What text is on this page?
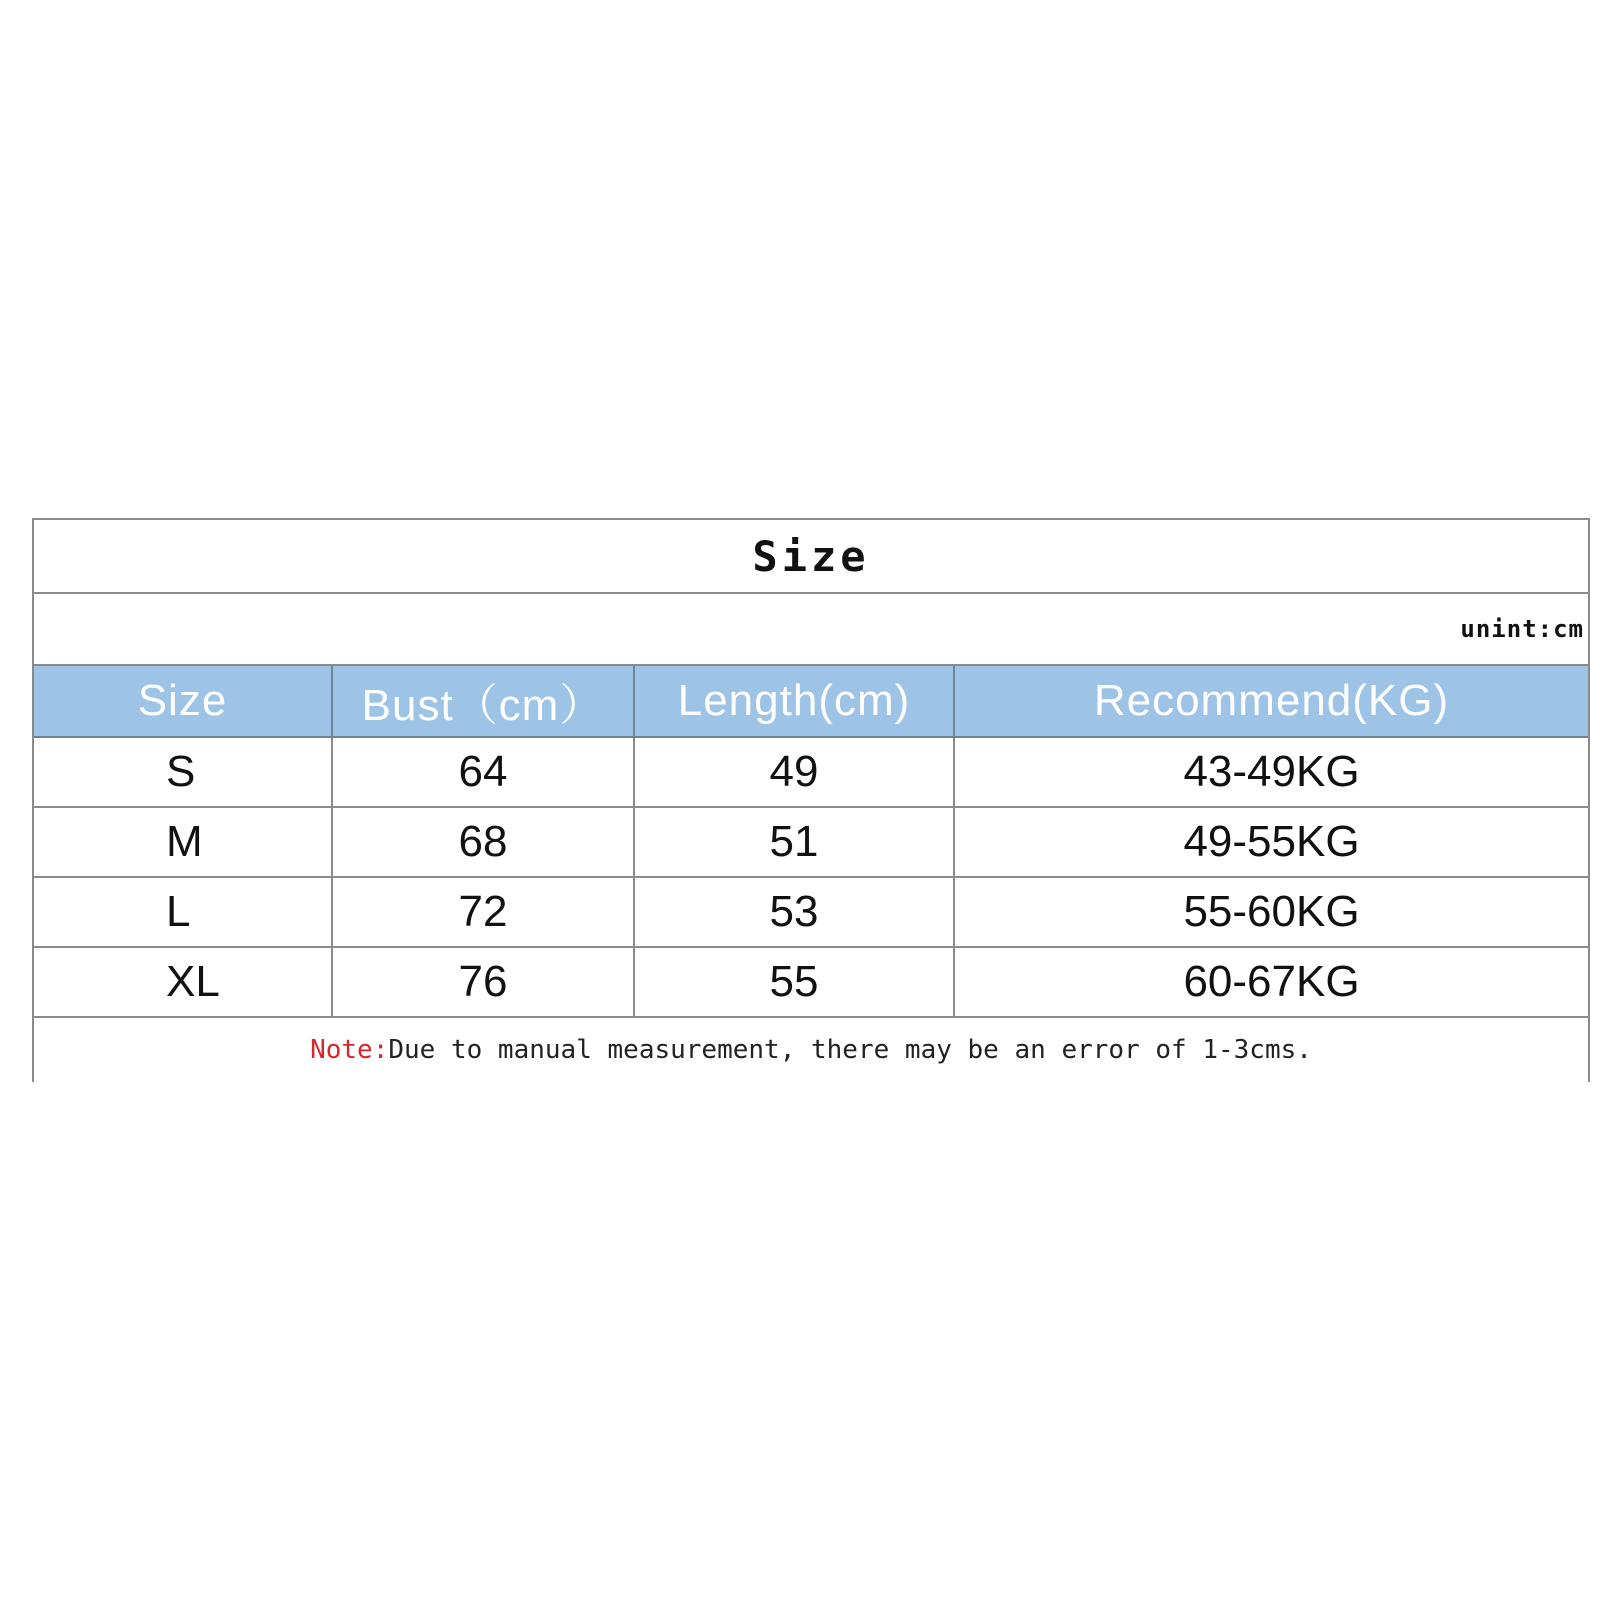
Size
unint:cm
Size	Bust（cm）	Length(cm)	Recommend(KG)
S	64	49	43-49KG
M	68	51	49-55KG
L	72	53	55-60KG
XL	76	55	60-67KG
Note: Due to manual measurement, there may be an error of 1-3cms.
